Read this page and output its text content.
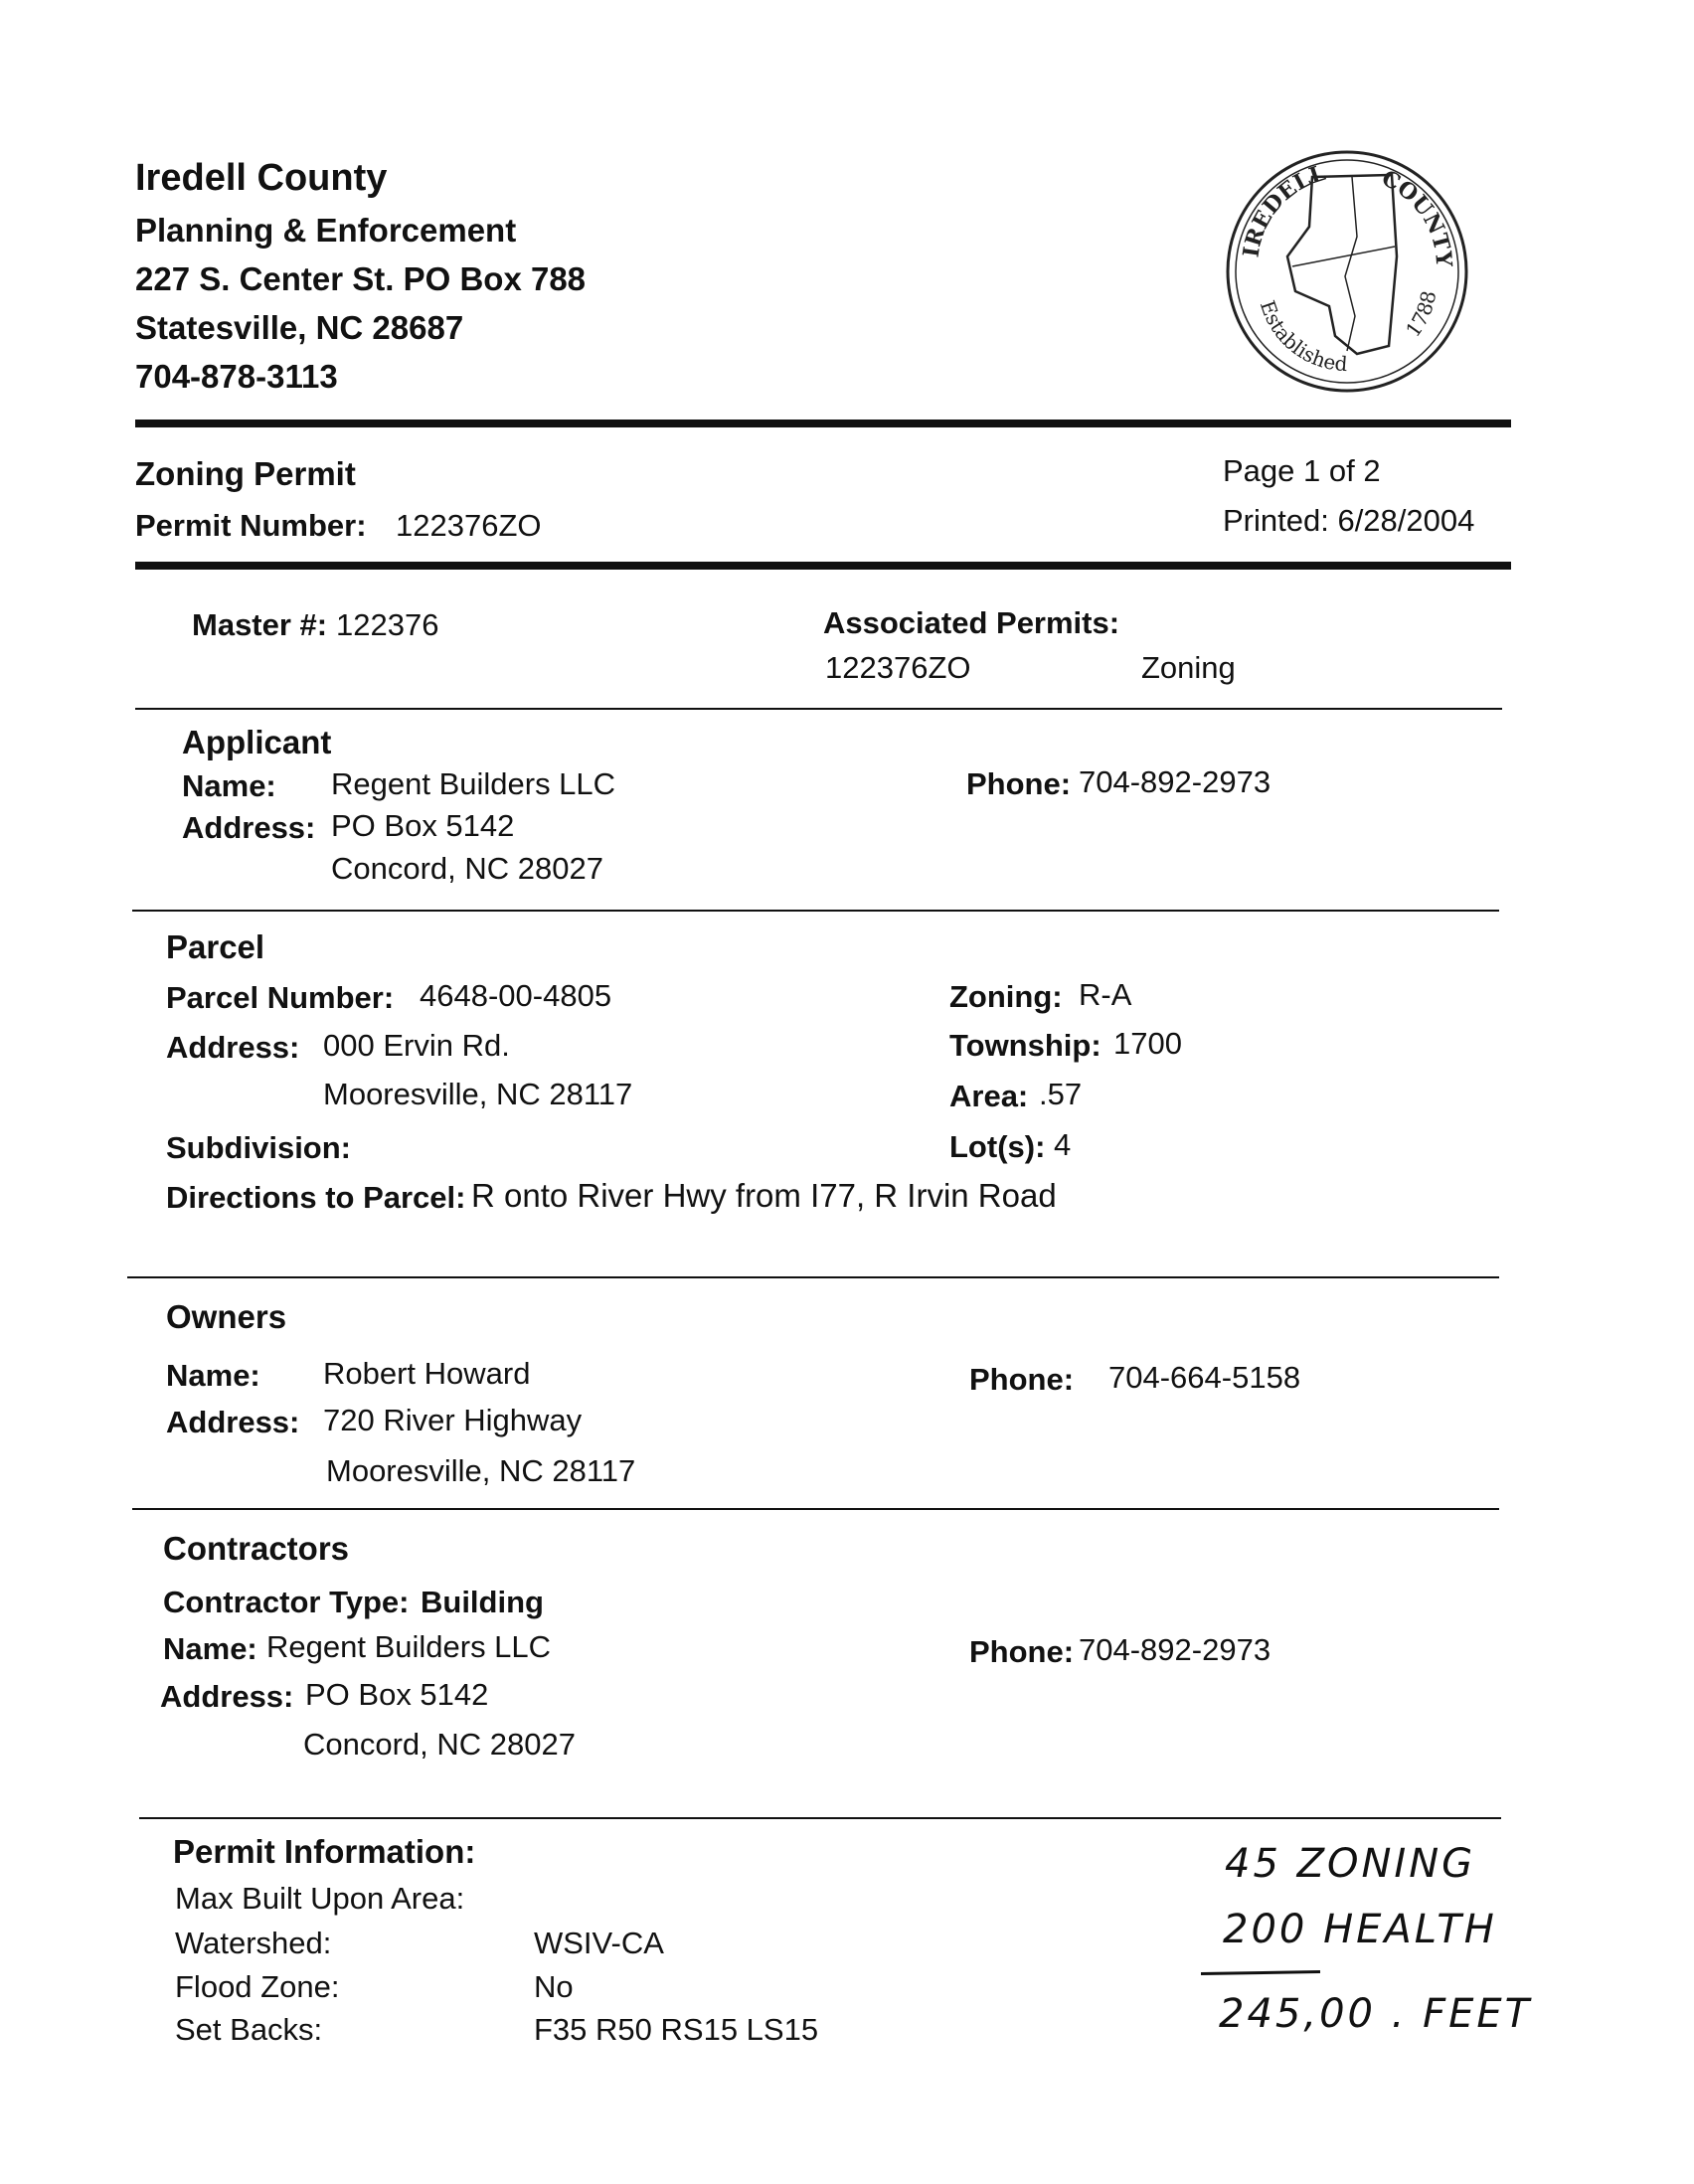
Iredell County
Planning & Enforcement
227 S. Center St. PO Box 788
Statesville, NC 28687
704-878-3113
IREDELL COUNTY
Established
1788
Zoning Permit
Permit Number: 122376ZO
Page 1 of 2
Printed: 6/28/2004
Master #: 122376	Associated Permits:
122376ZO	Zoning
Applicant
Name: Regent Builders LLC
Address: PO Box 5142
Concord, NC 28027
Phone: 704-892-2973
Parcel
Parcel Number: 4648-00-4805
Address: 000 Ervin Rd.
Mooresville, NC 28117
Subdivision:
Directions to Parcel: R onto River Hwy from I77, R Irvin Road
Zoning: R-A
Township: 1700
Area: .57
Lot(s): 4
Owners
Name: Robert Howard
Address: 720 River Highway
Mooresville, NC 28117
Phone: 704-664-5158
Contractors
Contractor Type: Building
Name: Regent Builders LLC
Address: PO Box 5142
Concord, NC 28027
Phone: 704-892-2973
Permit Information:
Max Built Upon Area:
Watershed:	WSIV-CA
Flood Zone:	No
Set Backs:	F35 R50 RS15 LS15
45 ZONING
200 HEALTH
245,00 . FEET
